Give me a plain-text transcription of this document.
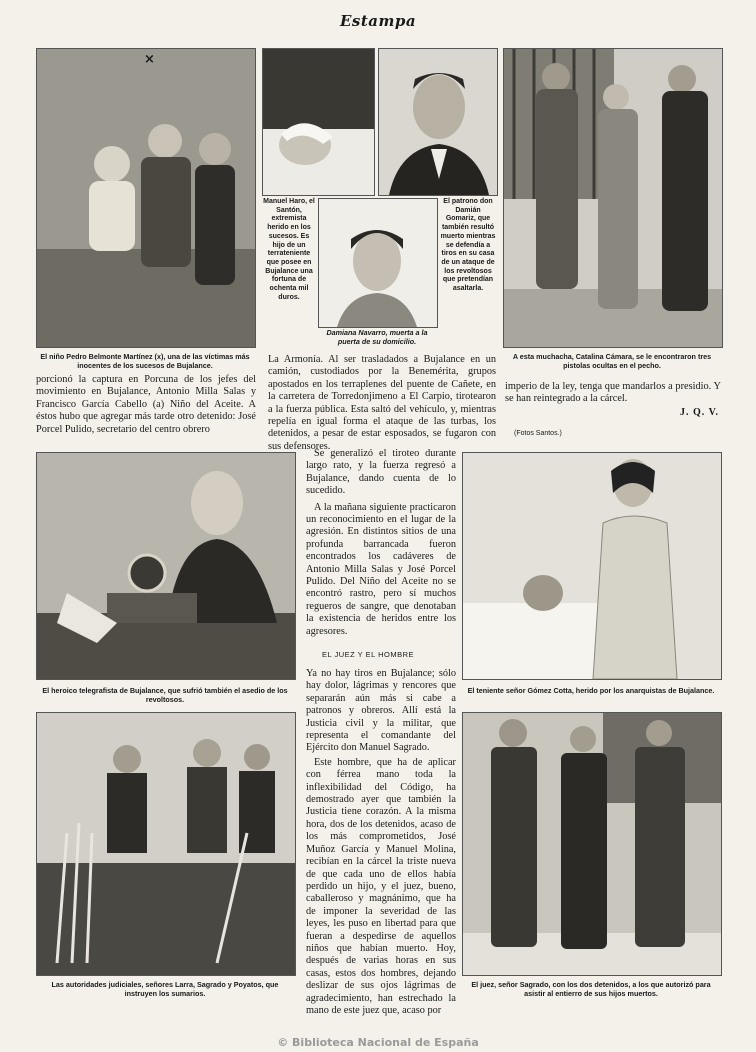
Estampa
×
El niño Pedro Belmonte Martínez (x), una de las víctimas más inocentes de los sucesos de Bujalance.
Manuel Haro, el Santón, extremista herido en los sucesos. Es hijo de un terrateniente que posee en Bujalance una fortuna de ochenta mil duros.
Damiana Navarro, muerta a la puerta de su domicilio.
El patrono don Damián Gomariz, que también resultó muerto mientras se defendía a tiros en su casa de un ataque de los revoltosos que pretendían asaltarla.
A esta muchacha, Catalina Cámara, se le encontraron tres pistolas ocultas en el pecho.

porcionó la captura en Porcuna de los jefes del movimiento en Bujalance, Antonio Milla Salas y Francisco García Cabello (a) Niño del Aceite. A éstos hubo que agregar más tarde otro detenido: José Porcel Pulido, secretario del centro obrero

La Armonía. Al ser trasladados a Bujalance en un camión, custodiados por la Benemérita, grupos apostados en los terraplenes del puente de Cañete, en la carretera de Torredonjimeno a El Carpio, tirotearon a la fuerza pública. Esta saltó del vehículo, y, mientras repelía en igual forma el ataque de las turbas, los detenidos, a pesar de estar esposados, se fugaron con sus defensores.

Se generalizó el tiroteo durante largo rato, y la fuerza regresó a Bujalance, dando cuenta de lo sucedido.

A la mañana siguiente practicaron un reconocimiento en el lugar de la agresión. En distintos sitios de una profunda barrancada fueron encontrados los cadáveres de Antonio Milla Salas y José Porcel Pulido. Del Niño del Aceite no se encontró rastro, pero sí muchos regueros de sangre, que denotaban la existencia de heridos entre los agresores.

imperio de la ley, tenga que mandarlos a presidio. Y se han reintegrado a la cárcel.

J. Q. V.
(Fotos Santos.)
El heroico telegrafista de Bujalance, que sufrió también el asedio de los revoltosos.
El teniente señor Gómez Cotta, herido por los anarquistas de Bujalance.
EL JUEZ Y EL HOMBRE

Ya no hay tiros en Bujalance; sólo hay dolor, lágrimas y rencores que separarán aún más si cabe a patronos y obreros. Allí está la Justicia civil y la militar, que representa el comandante del Ejército don Manuel Sagrado.

Este hombre, que ha de aplicar con férrea mano toda la inflexibilidad del Código, ha demostrado ayer que también la Justicia tiene corazón. A la misma hora, dos de los detenidos, acaso de los más comprometidos, José Muñoz García y Manuel Molina, recibían en la cárcel la triste nueva de que cada uno de ellos había perdido un hijo, y el juez, bueno, caballeroso y magnánimo, que ha de imponer la severidad de las leyes, les puso en libertad para que fueran a despedirse de aquellos niños que habían muerto. Hoy, después de varias horas en sus casas, estos dos hombres, dejando deslizar de sus ojos lágrimas de agradecimiento, han estrechado la mano de este juez que, acaso por

Las autoridades judiciales, señores Larra, Sagrado y Poyatos, que instruyen los sumarios.
El juez, señor Sagrado, con los dos detenidos, a los que autorizó para asistir al entierro de sus hijos muertos.
© Biblioteca Nacional de España
